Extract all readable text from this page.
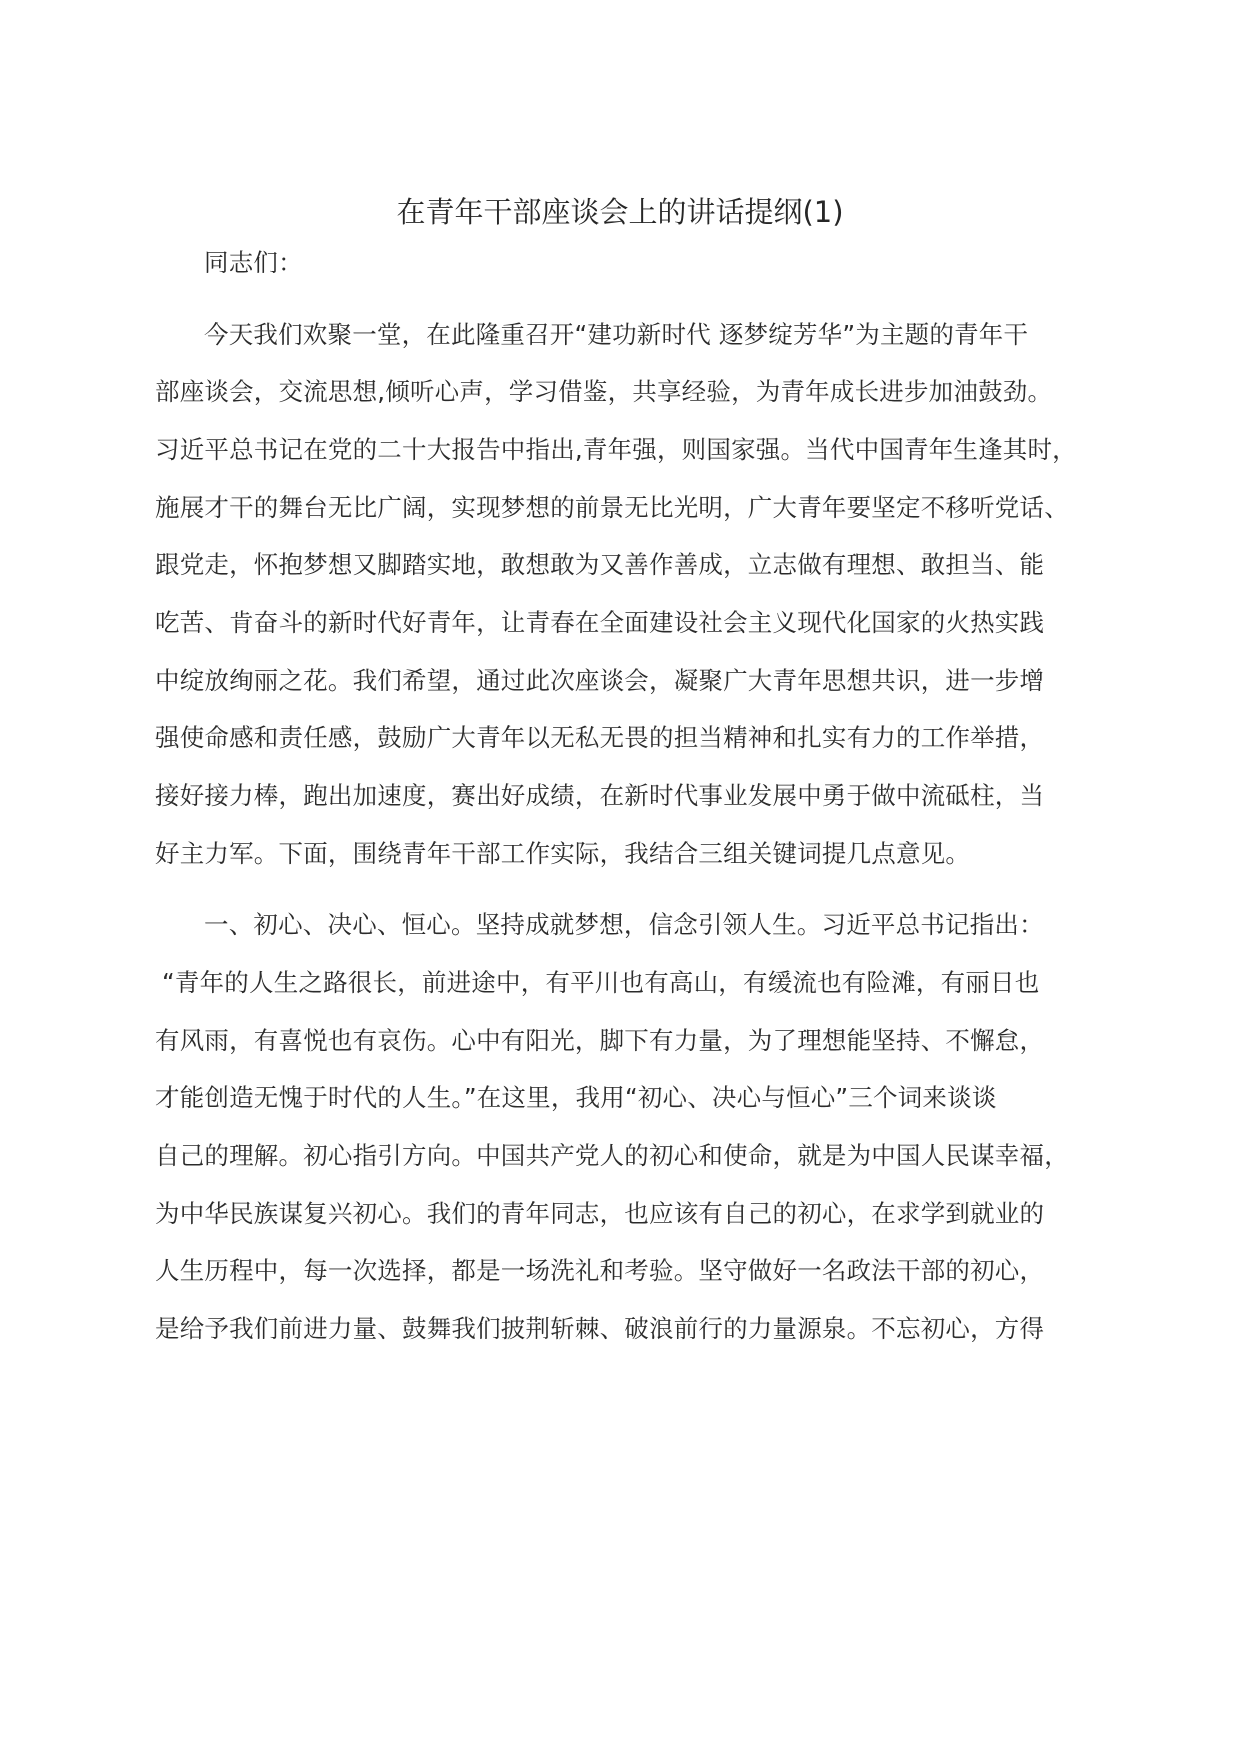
在青年干部座谈会上的讲话提纲(1)

同志们：

今天我们欢聚一堂，在此隆重召开“建功新时代 逐梦绽芳华”为主题的青年干

部座谈会，交流思想,倾听心声，学习借鉴，共享经验，为青年成长进步加油鼓劲。

习近平总书记在党的二十大报告中指出,青年强，则国家强。当代中国青年生逢其时，

施展才干的舞台无比广阔，实现梦想的前景无比光明，广大青年要坚定不移听党话、

跟党走，怀抱梦想又脚踏实地，敢想敢为又善作善成，立志做有理想、敢担当、能

吃苦、肯奋斗的新时代好青年，让青春在全面建设社会主义现代化国家的火热实践

中绽放绚丽之花。我们希望，通过此次座谈会，凝聚广大青年思想共识，进一步增

强使命感和责任感，鼓励广大青年以无私无畏的担当精神和扎实有力的工作举措，

接好接力棒，跑出加速度，赛出好成绩，在新时代事业发展中勇于做中流砥柱，当

好主力军。下面，围绕青年干部工作实际，我结合三组关键词提几点意见。

一、初心、决心、恒心。坚持成就梦想，信念引领人生。习近平总书记指出：

“青年的人生之路很长，前进途中，有平川也有高山，有缓流也有险滩，有丽日也

有风雨，有喜悦也有哀伤。心中有阳光，脚下有力量，为了理想能坚持、不懈怠，

才能创造无愧于时代的人生。”在这里，我用“初心、决心与恒心”三个词来谈谈

自己的理解。初心指引方向。中国共产党人的初心和使命，就是为中国人民谋幸福，

为中华民族谋复兴初心。我们的青年同志，也应该有自己的初心，在求学到就业的

人生历程中，每一次选择，都是一场洗礼和考验。坚守做好一名政法干部的初心，

是给予我们前进力量、鼓舞我们披荆斩棘、破浪前行的力量源泉。不忘初心，方得
